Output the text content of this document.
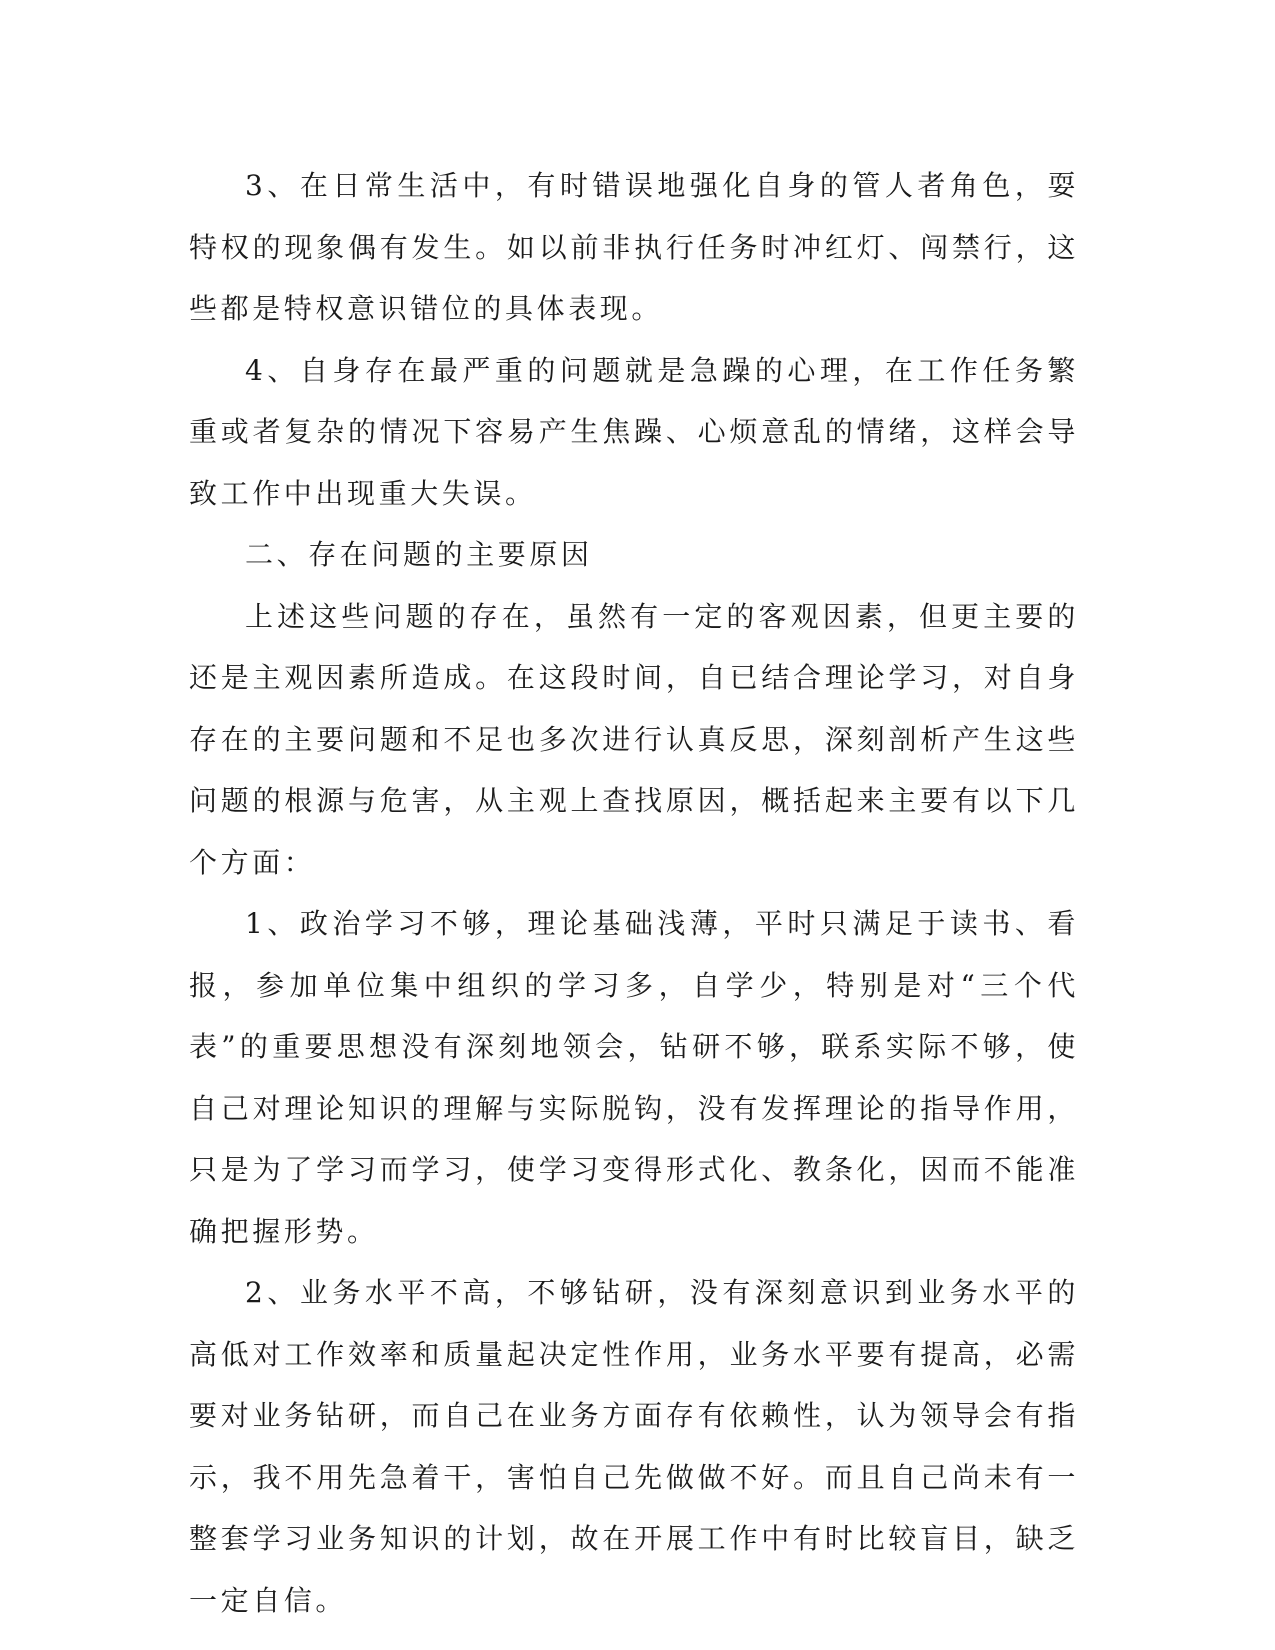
3、在日常生活中，有时错误地强化自身的管人者角色，耍特权的现象偶有发生。如以前非执行任务时冲红灯、闯禁行，这些都是特权意识错位的具体表现。

4、自身存在最严重的问题就是急躁的心理，在工作任务繁重或者复杂的情况下容易产生焦躁、心烦意乱的情绪，这样会导致工作中出现重大失误。

二、存在问题的主要原因

上述这些问题的存在，虽然有一定的客观因素，但更主要的还是主观因素所造成。在这段时间，自已结合理论学习，对自身存在的主要问题和不足也多次进行认真反思，深刻剖析产生这些问题的根源与危害，从主观上查找原因，概括起来主要有以下几个方面：

1、政治学习不够，理论基础浅薄，平时只满足于读书、看报，参加单位集中组织的学习多，自学少，特别是对“三个代表”的重要思想没有深刻地领会，钻研不够，联系实际不够，使自己对理论知识的理解与实际脱钩，没有发挥理论的指导作用，只是为了学习而学习，使学习变得形式化、教条化，因而不能准确把握形势。

2、业务水平不高，不够钻研，没有深刻意识到业务水平的高低对工作效率和质量起决定性作用，业务水平要有提高，必需要对业务钻研，而自己在业务方面存有依赖性，认为领导会有指示，我不用先急着干，害怕自己先做做不好。而且自己尚未有一整套学习业务知识的计划，故在开展工作中有时比较盲目，缺乏一定自信。
